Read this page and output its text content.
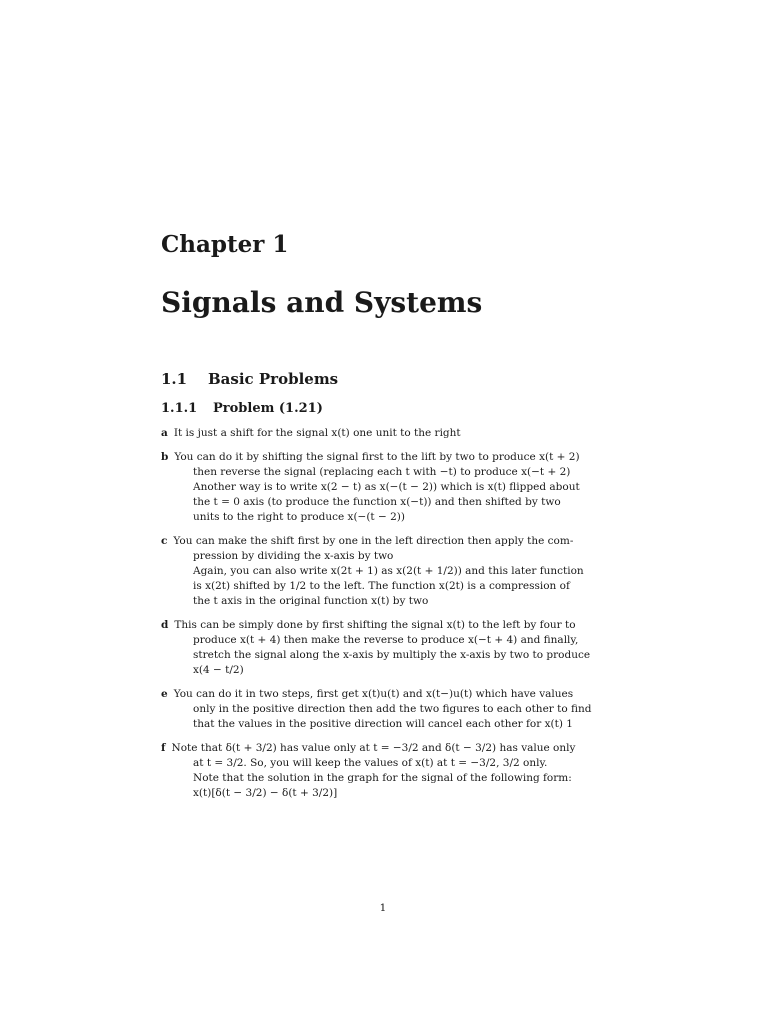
Chapter 1
Signals and Systems
1.1 Basic Problems
1.1.1 Problem (1.21)
a It is just a shift for the signal x(t) one unit to the right
b You can do it by shifting the signal first to the lift by two to produce x(t + 2)
then reverse the signal (replacing each t with −t) to produce x(−t + 2)
Another way is to write x(2 − t) as x(−(t − 2)) which is x(t) flipped about
the t = 0 axis (to produce the function x(−t)) and then shifted by two
units to the right to produce x(−(t − 2))
c You can make the shift first by one in the left direction then apply the com-
pression by dividing the x-axis by two
Again, you can also write x(2t + 1) as x(2(t + 1/2)) and this later function
is x(2t) shifted by 1/2 to the left. The function x(2t) is a compression of
the t axis in the original function x(t) by two
d This can be simply done by first shifting the signal x(t) to the left by four to
produce x(t + 4) then make the reverse to produce x(−t + 4) and finally,
stretch the signal along the x-axis by multiply the x-axis by two to produce
x(4 − t/2)
e You can do it in two steps, first get x(t)u(t) and x(t−)u(t) which have values
only in the positive direction then add the two figures to each other to find
that the values in the positive direction will cancel each other for x(t) 1
f Note that δ(t + 3/2) has value only at t = −3/2 and δ(t − 3/2) has value only
at t = 3/2. So, you will keep the values of x(t) at t = −3/2, 3/2 only.
Note that the solution in the graph for the signal of the following form:
x(t)[δ(t − 3/2) − δ(t + 3/2)]
1
